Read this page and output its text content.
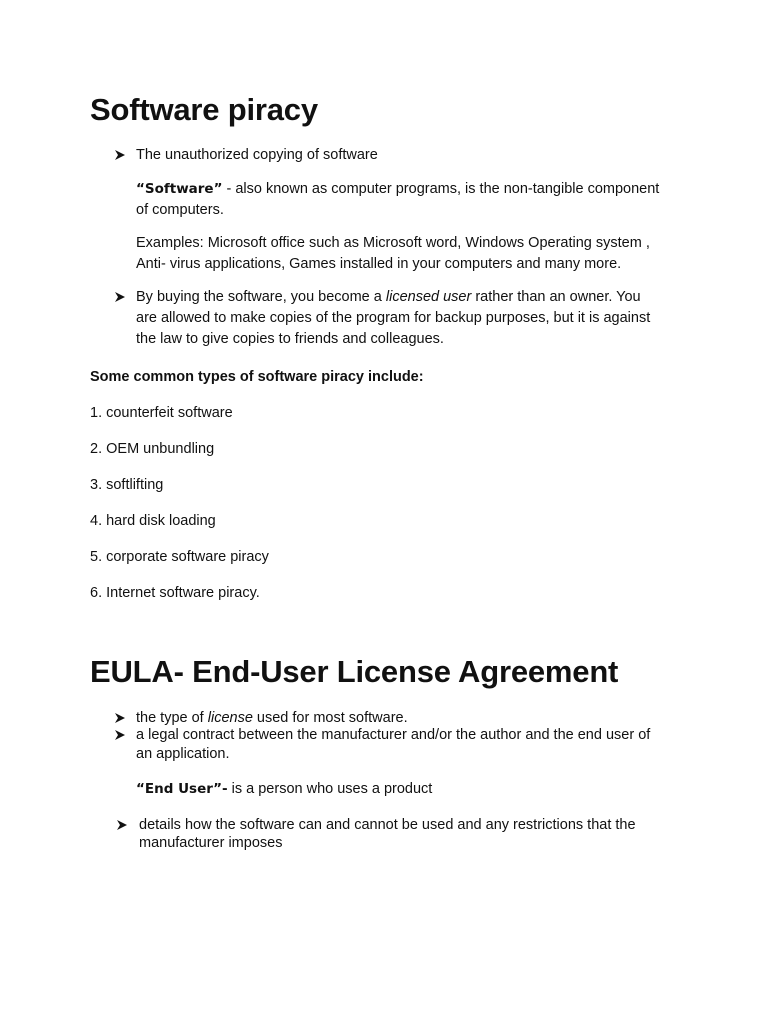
Software piracy
The unauthorized copying of software
“Software” - also known as computer programs, is the non-tangible component
of computers.
Examples: Microsoft office such as Microsoft word, Windows Operating system ,
Anti- virus applications, Games installed in your computers and many more.
By buying the software, you become a licensed user rather than an owner. You
are allowed to make copies of the program for backup purposes, but it is against
the law to give copies to friends and colleagues.
Some common types of software piracy include:
1. counterfeit software
2. OEM unbundling
3. softlifting
4. hard disk loading
5. corporate software piracy
6. Internet software piracy.
EULA- End-User License Agreement
the type of license used for most software.
a legal contract between the manufacturer and/or the author and the end user of
an application.
“End User”- is a person who uses a product
details how the software can and cannot be used and any restrictions that the
manufacturer imposes
